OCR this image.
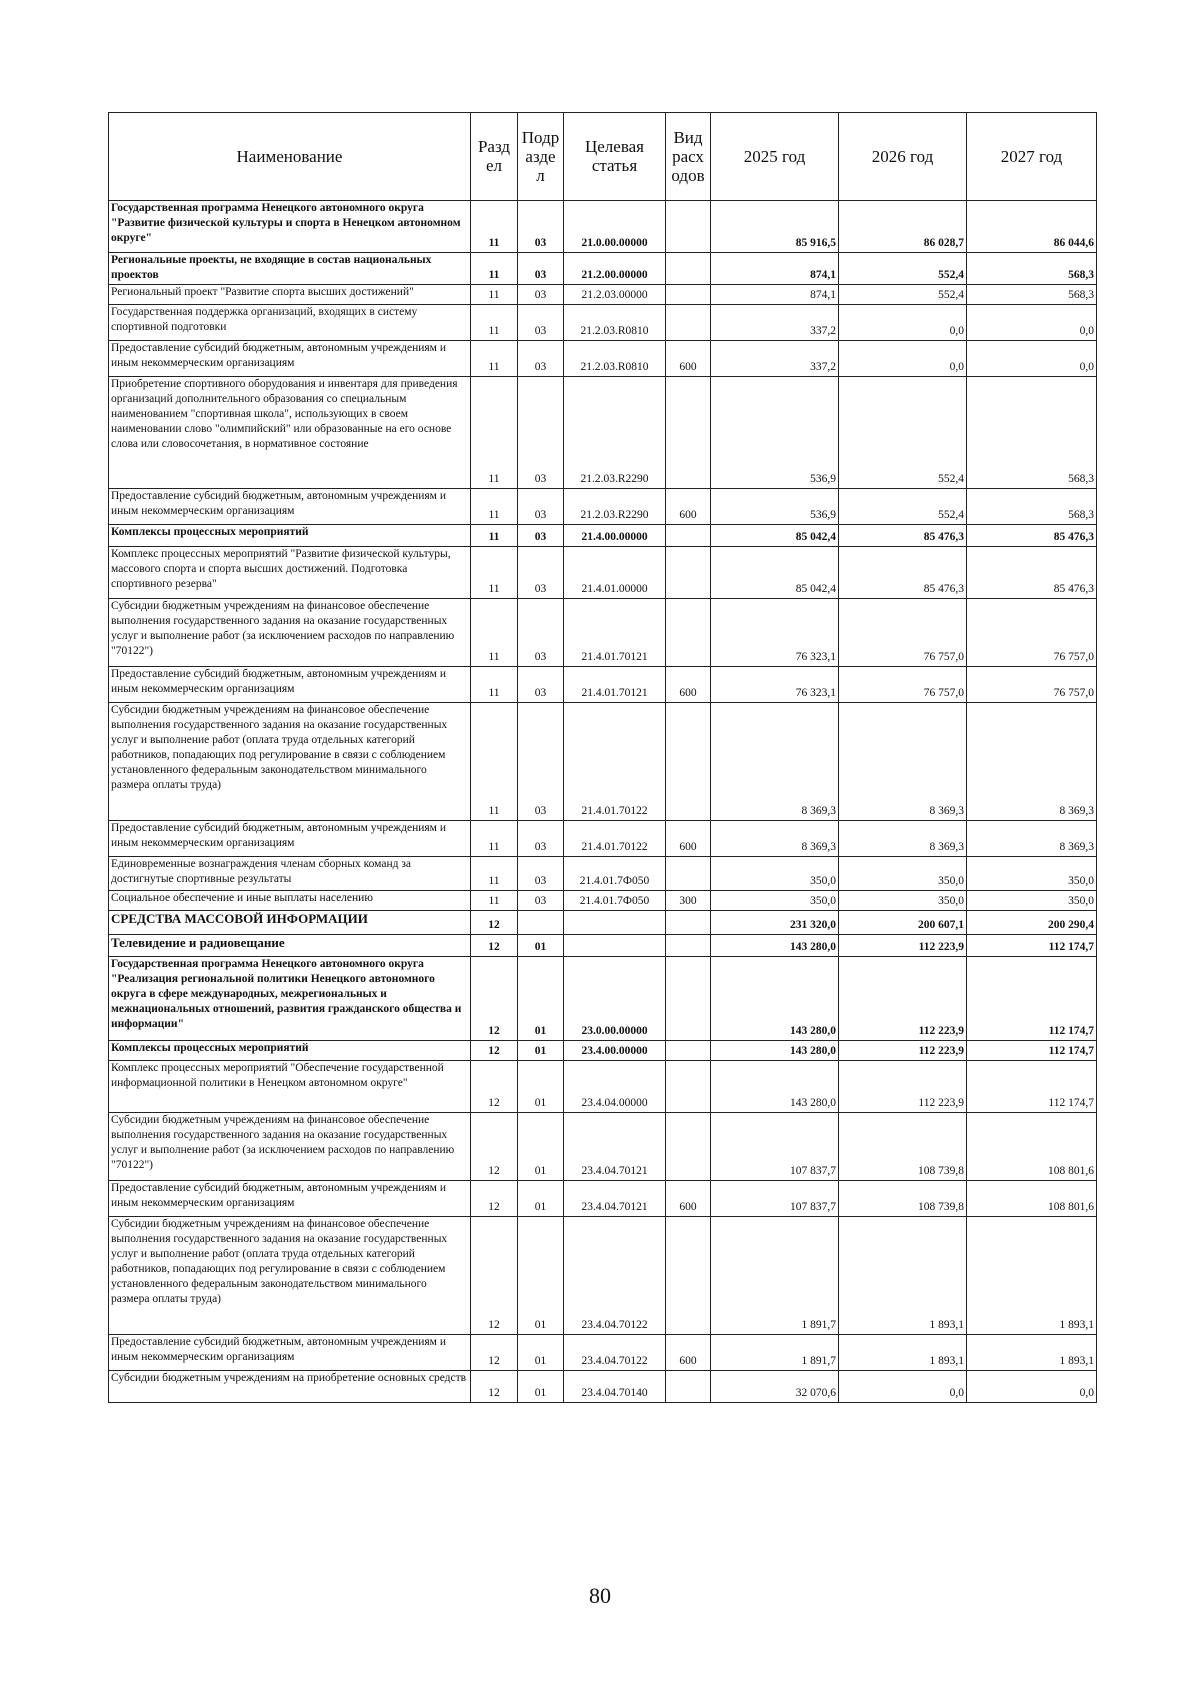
Наименование	Разд ел	Подр азде л	Целевая статья	Вид расх одов	2025 год	2026 год	2027 год
Государственная программа Ненецкого автономного округа "Развитие физической культуры и спорта в Ненецком автономном округе"	11	03	21.0.00.00000		85 916,5	86 028,7	86 044,6
Региональные проекты, не входящие в состав национальных проектов	11	03	21.2.00.00000		874,1	552,4	568,3
Региональный проект "Развитие спорта высших достижений"	11	03	21.2.03.00000		874,1	552,4	568,3
Государственная поддержка организаций, входящих в систему спортивной подготовки	11	03	21.2.03.R0810		337,2	0,0	0,0
Предоставление субсидий бюджетным, автономным учреждениям и иным некоммерческим организациям	11	03	21.2.03.R0810	600	337,2	0,0	0,0
Приобретение спортивного оборудования и инвентаря для приведения организаций дополнительного образования со специальным наименованием "спортивная школа", использующих в своем наименовании слово "олимпийский" или образованные на его основе слова или словосочетания, в нормативное состояние	11	03	21.2.03.R2290		536,9	552,4	568,3
Предоставление субсидий бюджетным, автономным учреждениям и иным некоммерческим организациям	11	03	21.2.03.R2290	600	536,9	552,4	568,3
Комплексы процессных мероприятий	11	03	21.4.00.00000		85 042,4	85 476,3	85 476,3
Комплекс процессных мероприятий "Развитие физической культуры, массового спорта и спорта высших достижений. Подготовка спортивного резерва"	11	03	21.4.01.00000		85 042,4	85 476,3	85 476,3
Субсидии бюджетным учреждениям на финансовое обеспечение выполнения государственного задания на оказание государственных услуг и выполнение работ (за исключением расходов по направлению "70122")	11	03	21.4.01.70121		76 323,1	76 757,0	76 757,0
Предоставление субсидий бюджетным, автономным учреждениям и иным некоммерческим организациям	11	03	21.4.01.70121	600	76 323,1	76 757,0	76 757,0
Субсидии бюджетным учреждениям на финансовое обеспечение выполнения государственного задания на оказание государственных услуг и выполнение работ (оплата труда отдельных категорий работников, попадающих под регулирование в связи с соблюдением установленного федеральным законодательством минимального размера оплаты труда)	11	03	21.4.01.70122		8 369,3	8 369,3	8 369,3
Предоставление субсидий бюджетным, автономным учреждениям и иным некоммерческим организациям	11	03	21.4.01.70122	600	8 369,3	8 369,3	8 369,3
Единовременные вознаграждения членам сборных команд за достигнутые спортивные результаты	11	03	21.4.01.7Ф050		350,0	350,0	350,0
Социальное обеспечение и иные выплаты населению	11	03	21.4.01.7Ф050	300	350,0	350,0	350,0
СРЕДСТВА МАССОВОЙ ИНФОРМАЦИИ	12				231 320,0	200 607,1	200 290,4
Телевидение и радиовещание	12	01			143 280,0	112 223,9	112 174,7
Государственная программа Ненецкого автономного округа "Реализация региональной политики Ненецкого автономного округа в сфере международных, межрегиональных и межнациональных отношений, развития гражданского общества и информации"	12	01	23.0.00.00000		143 280,0	112 223,9	112 174,7
Комплексы процессных мероприятий	12	01	23.4.00.00000		143 280,0	112 223,9	112 174,7
Комплекс процессных мероприятий "Обеспечение государственной информационной политики в Ненецком автономном округе"	12	01	23.4.04.00000		143 280,0	112 223,9	112 174,7
Субсидии бюджетным учреждениям на финансовое обеспечение выполнения государственного задания на оказание государственных услуг и выполнение работ (за исключением расходов по направлению "70122")	12	01	23.4.04.70121		107 837,7	108 739,8	108 801,6
Предоставление субсидий бюджетным, автономным учреждениям и иным некоммерческим организациям	12	01	23.4.04.70121	600	107 837,7	108 739,8	108 801,6
Субсидии бюджетным учреждениям на финансовое обеспечение выполнения государственного задания на оказание государственных услуг и выполнение работ (оплата труда отдельных категорий работников, попадающих под регулирование в связи с соблюдением установленного федеральным законодательством минимального размера оплаты труда)	12	01	23.4.04.70122		1 891,7	1 893,1	1 893,1
Предоставление субсидий бюджетным, автономным учреждениям и иным некоммерческим организациям	12	01	23.4.04.70122	600	1 891,7	1 893,1	1 893,1
Субсидии бюджетным учреждениям на приобретение основных средств	12	01	23.4.04.70140		32 070,6	0,0	0,0
80
